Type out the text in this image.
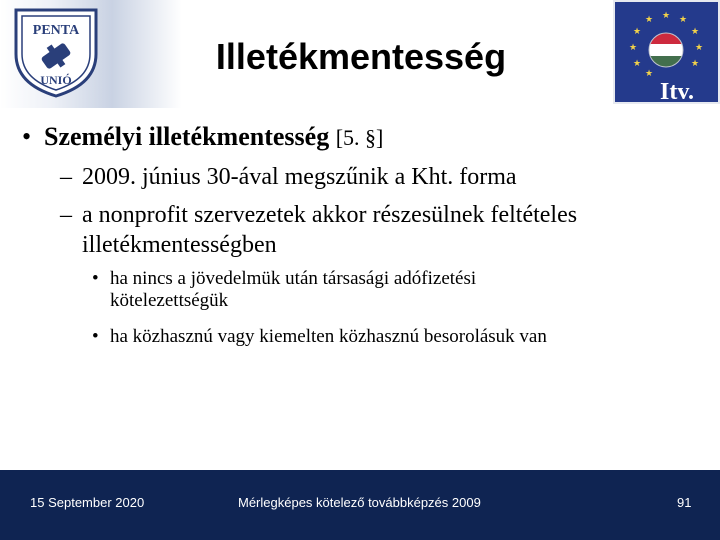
PENTA
UNIÓ
Illetékmentesség
★ ★
★
★
★
★
★
★
★
★
Itv.
• Személyi illetékmentesség [5. §]
– 2009. június 30-ával megszűnik a Kht. forma
– a nonprofit szervezetek akkor részesülnek feltételes
illetékmentességben
• ha nincs a jövedelmük után társasági adófizetési
kötelezettségük
• ha közhasznú vagy kiemelten közhasznú besorolásuk van
15 September 2020	Mérlegképes kötelező továbbképzés 2009	91
